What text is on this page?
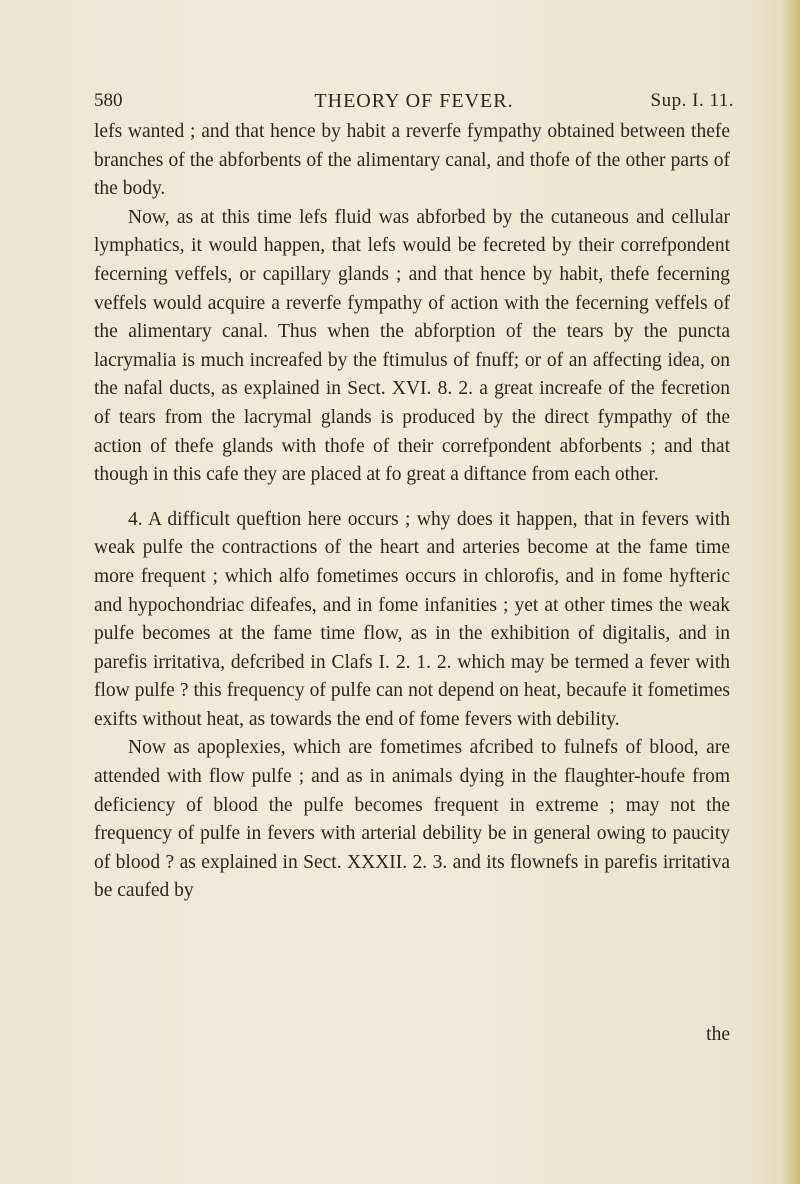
580	THEORY OF FEVER.	Sup. I. 11.

lefs wanted ; and that hence by habit a reverfe fympathy obtained between thefe branches of the abforbents of the alimentary canal, and thofe of the other parts of the body.

Now, as at this time lefs fluid was abforbed by the cutaneous and cellular lymphatics, it would happen, that lefs would be fecreted by their correfpondent fecerning veffels, or capillary glands ; and that hence by habit, thefe fecerning veffels would acquire a reverfe fympathy of action with the fecerning veffels of the alimentary canal. Thus when the abforption of the tears by the puncta lacrymalia is much increafed by the ftimulus of fnuff; or of an affecting idea, on the nafal ducts, as explained in Sect. XVI. 8. 2. a great increafe of the fecretion of tears from the lacrymal glands is produced by the direct fympathy of the action of thefe glands with thofe of their correfpondent abforbents ; and that though in this cafe they are placed at fo great a diftance from each other.

4. A difficult queftion here occurs ; why does it happen, that in fevers with weak pulfe the contractions of the heart and arteries become at the fame time more frequent ; which alfo fometimes occurs in chlorofis, and in fome hyfteric and hypochondriac difeafes, and in fome infanities ; yet at other times the weak pulfe becomes at the fame time flow, as in the exhibition of digitalis, and in parefis irritativa, defcribed in Clafs I. 2. 1. 2. which may be termed a fever with flow pulfe ? this frequency of pulfe can not depend on heat, becaufe it fometimes exifts without heat, as towards the end of fome fevers with debility.

Now as apoplexies, which are fometimes afcribed to fulnefs of blood, are attended with flow pulfe ; and as in animals dying in the flaughter-houfe from deficiency of blood the pulfe becomes frequent in extreme ; may not the frequency of pulfe in fevers with arterial debility be in general owing to paucity of blood ? as explained in Sect. XXXII. 2. 3. and its flownefs in parefis irritativa be caufed by

the
